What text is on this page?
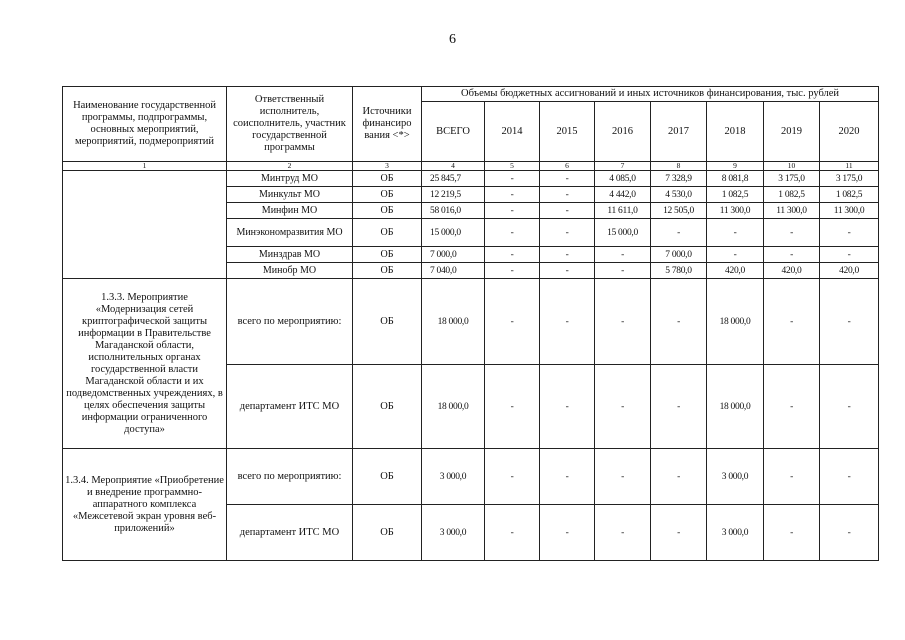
6
Наименование государственной программы, подпрограммы, основных мероприятий, мероприятий, подмероприятий	Ответственный исполнитель, соисполнитель, участник государственной программы	Источники финансиро вания <*>	Объемы бюджетных ассигнований и иных источников финансирования, тыс. рублей							
			ВСЕГО	2014	2015	2016	2017	2018	2019	2020
1	2	3	4	5	6	7	8	9	10	11
	Минтруд МО	ОБ	25 845,7	-	-	4 085,0	7 328,9	8 081,8	3 175,0	3 175,0
	Минкульт МО	ОБ	12 219,5	-	-	4 442,0	4 530,0	1 082,5	1 082,5	1 082,5
	Минфин МО	ОБ	58 016,0	-	-	11 611,0	12 505,0	11 300,0	11 300,0	11 300,0
	Минэкономразвития МО	ОБ	15 000,0	-	-	15 000,0	-	-	-	-
	Минздрав МО	ОБ	7 000,0	-	-	-	7 000,0	-	-	-
	Минобр МО	ОБ	7 040,0	-	-	-	5 780,0	420,0	420,0	420,0
1.3.3. Мероприятие «Модернизация сетей криптографической защиты информации в Правительстве Магаданской области, исполнительных органах государственной власти Магаданской области и их подведомственных учреждениях, в целях обеспечения защиты информации ограниченного доступа»	всего по мероприятию:	ОБ	18 000,0	-	-	-	-	18 000,0	-	-
	департамент ИТС МО	ОБ	18 000,0	-	-	-	-	18 000,0	-	-
1.3.4. Мероприятие «Приобретение и внедрение программно-аппаратного комплекса «Межсетевой экран уровня веб-приложений»	всего по мероприятию:	ОБ	3 000,0	-	-	-	-	3 000,0	-	-
	департамент ИТС МО	ОБ	3 000,0	-	-	-	-	3 000,0	-	-
